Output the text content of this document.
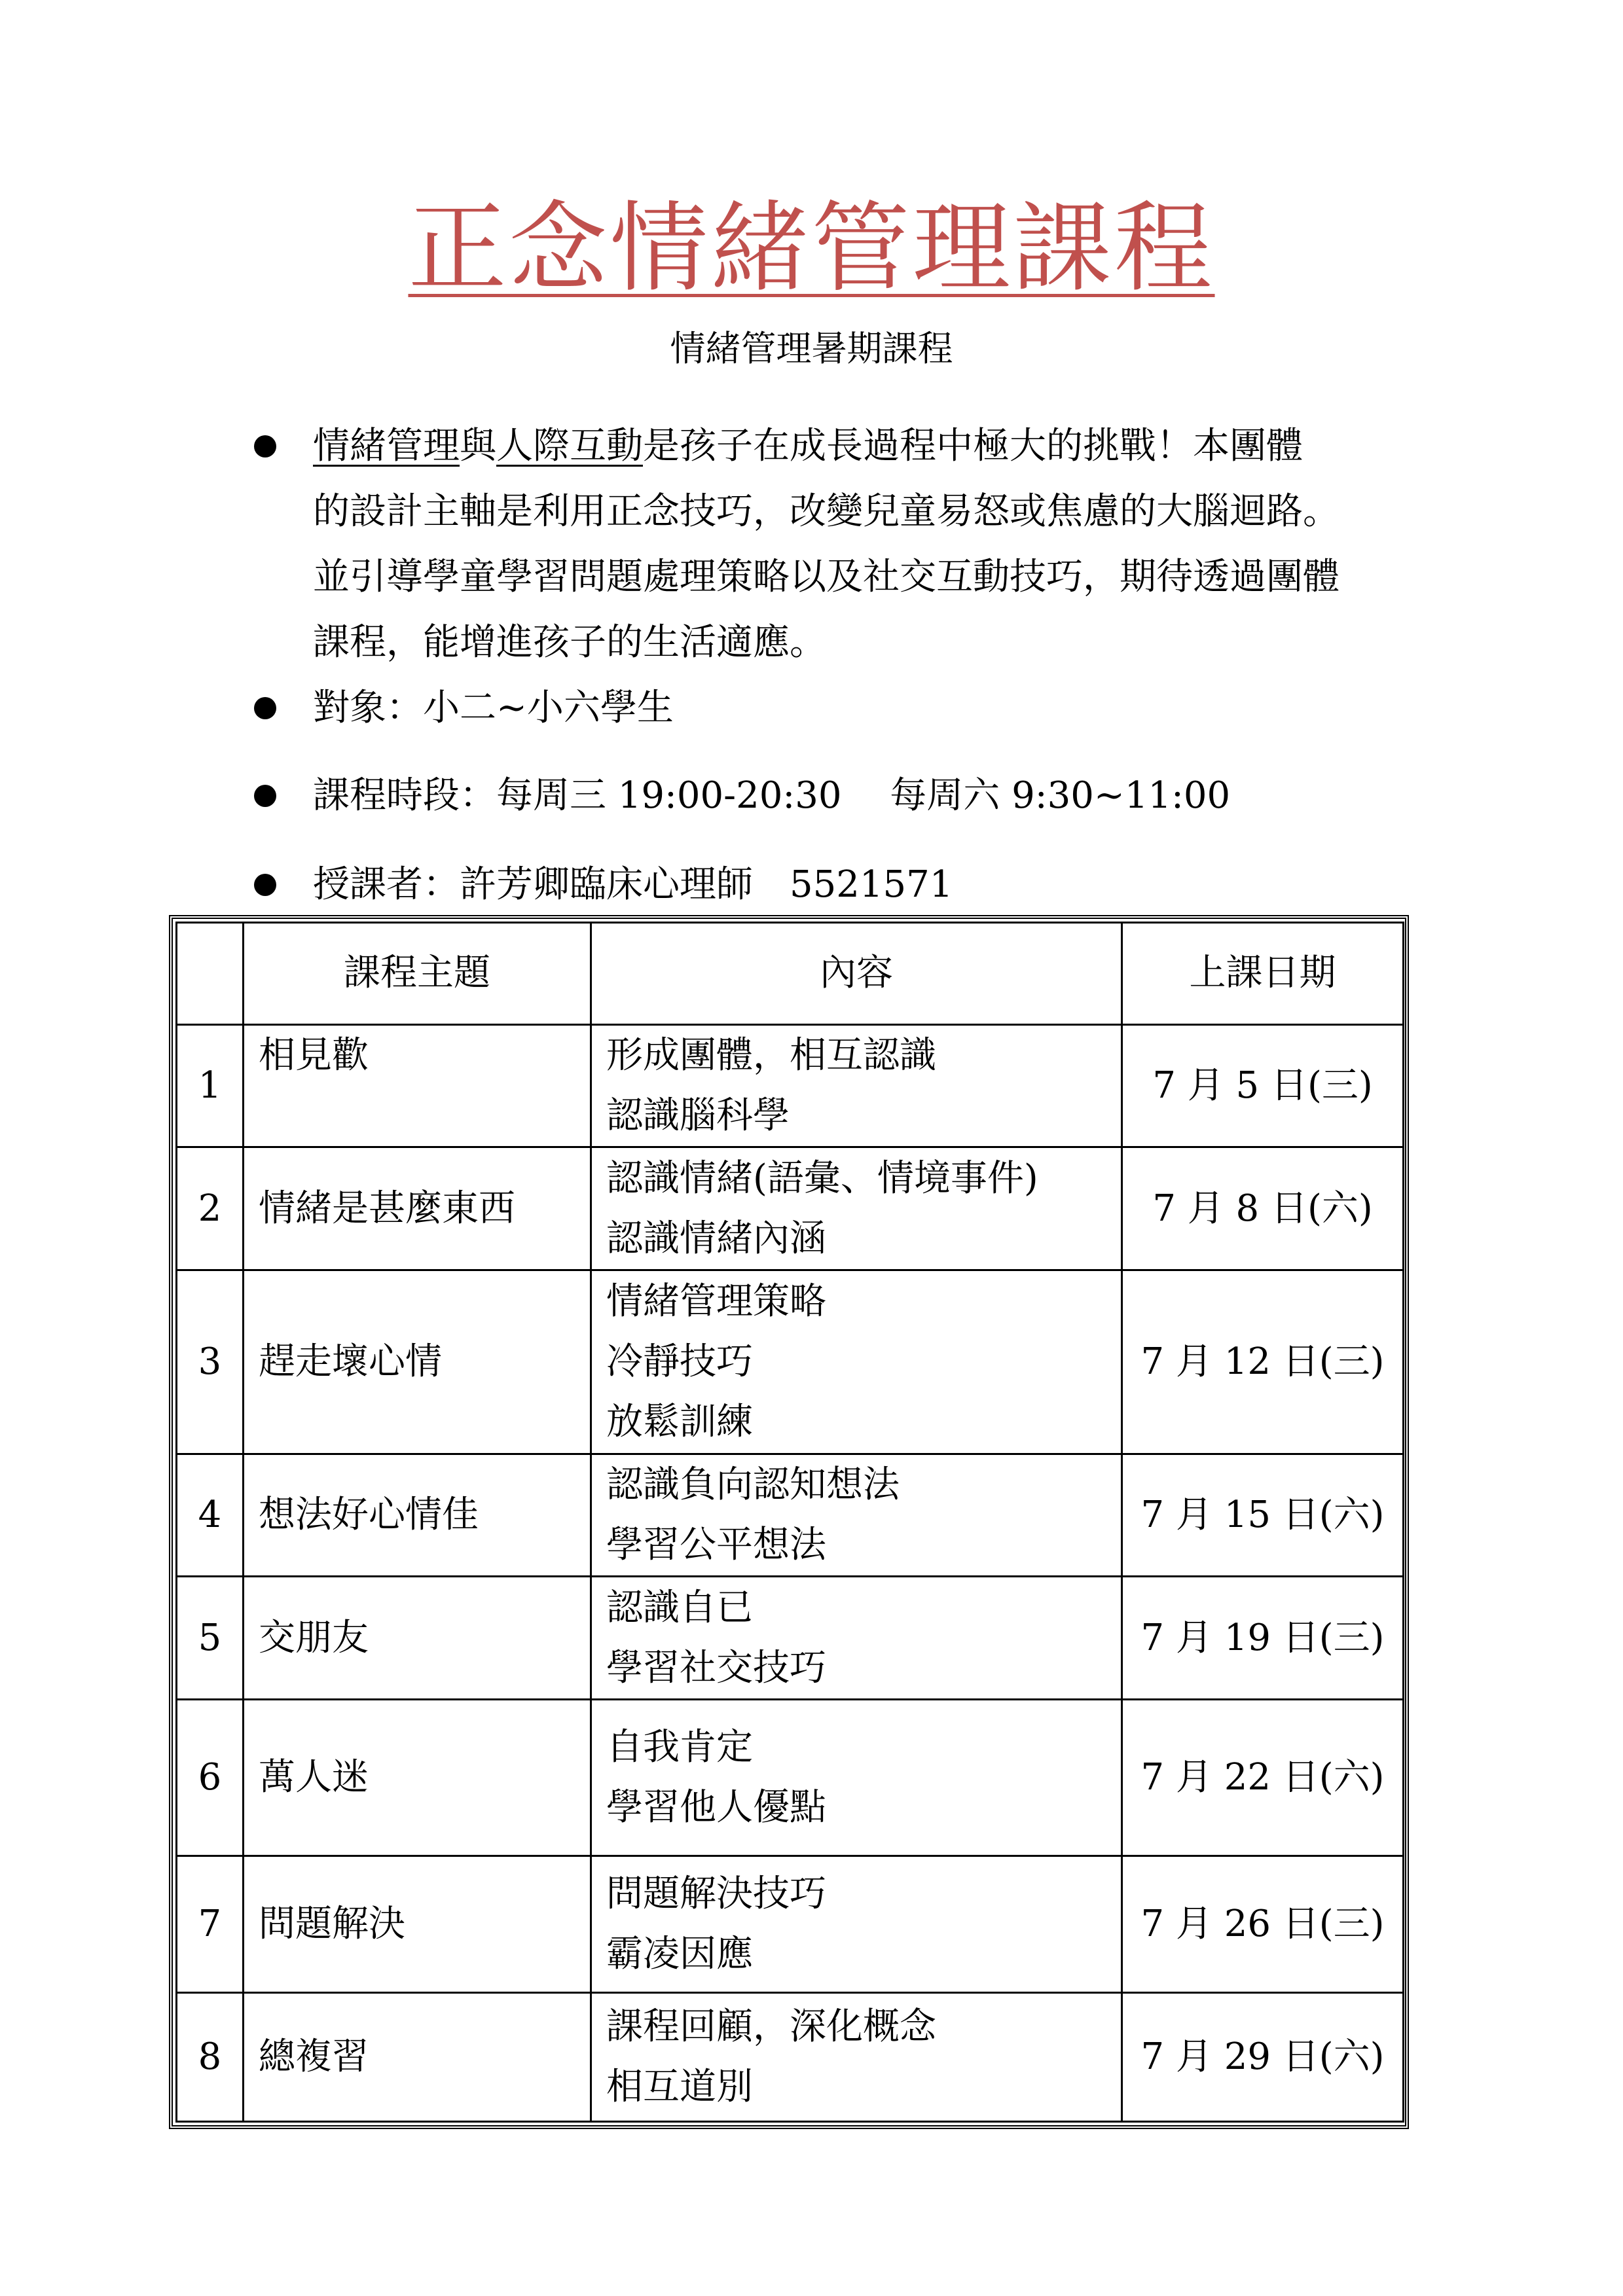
正念情緒管理課程
情緒管理暑期課程
情緒管理與人際互動是孩子在成長過程中極大的挑戰！本團體
的設計主軸是利用正念技巧，改變兒童易怒或焦慮的大腦迴路。
並引導學童學習問題處理策略以及社交互動技巧，期待透過團體
課程，能增進孩子的生活適應。
對象：小二~小六學生
課程時段：每周三 19:00-20:30　 每周六 9:30~11:00
授課者：許芳卿臨床心理師　5521571
	課程主題	內容	上課日期
1	相見歡	形成團體，相互認識
認識腦科學	7 月 5 日(三)
2	情緒是甚麼東西	認識情緒(語彙、情境事件)
認識情緒內涵	7 月 8 日(六)
3	趕走壞心情	情緒管理策略
冷靜技巧
放鬆訓練	7 月 12 日(三)
4	想法好心情佳	認識負向認知想法
學習公平想法	7 月 15 日(六)
5	交朋友	認識自已
學習社交技巧	7 月 19 日(三)
6	萬人迷	自我肯定
學習他人優點	7 月 22 日(六)
7	問題解決	問題解決技巧
霸凌因應	7 月 26 日(三)
8	總複習	課程回顧，深化概念
相互道別	7 月 29 日(六)
